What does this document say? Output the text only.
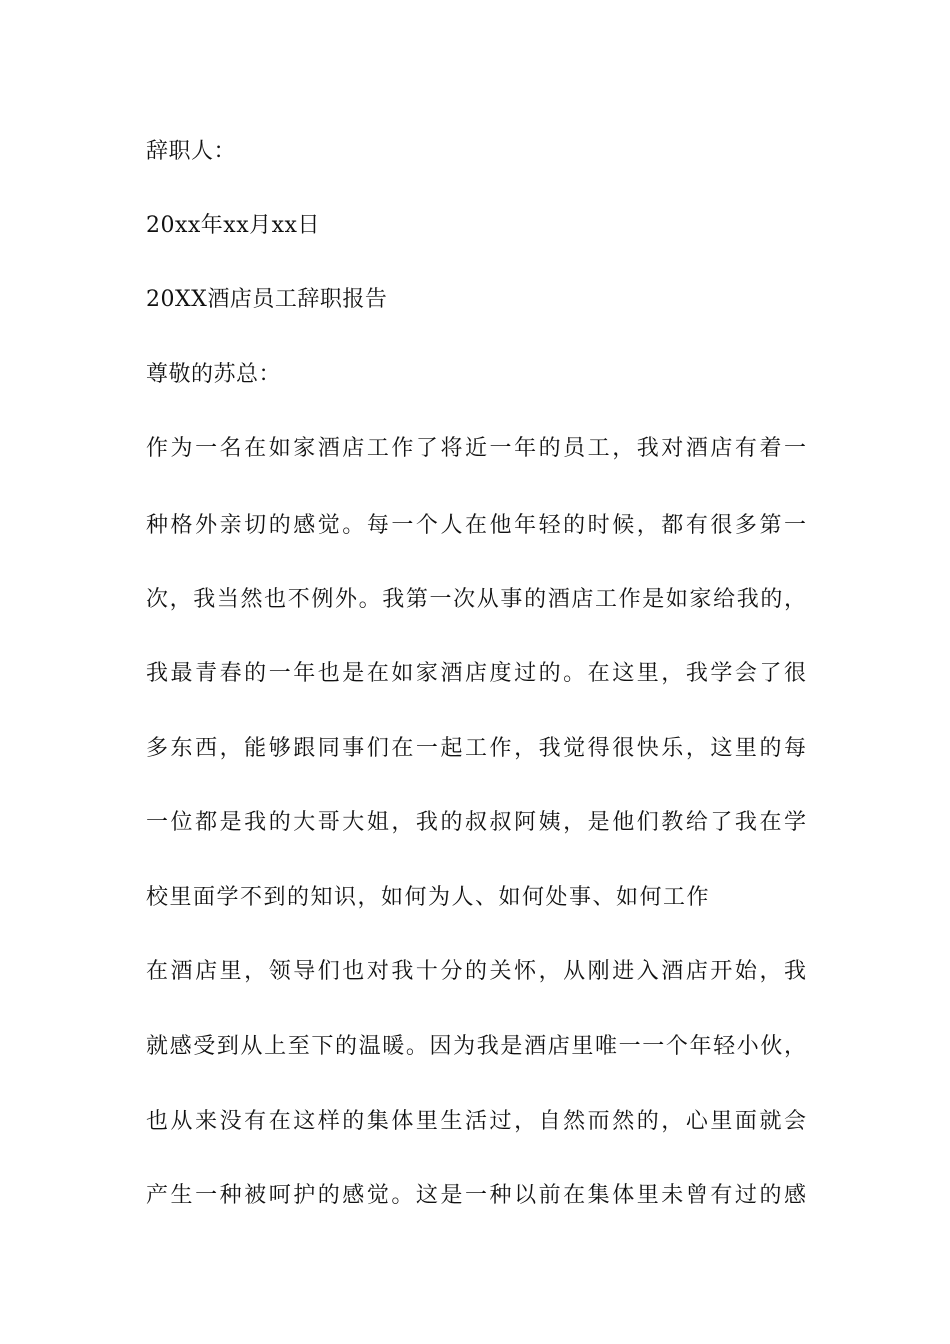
辞职人：
20xx年xx月xx日
20XX酒店员工辞职报告
尊敬的苏总：
作为一名在如家酒店工作了将近一年的员工，我对酒店有着一
种格外亲切的感觉。每一个人在他年轻的时候，都有很多第一
次，我当然也不例外。我第一次从事的酒店工作是如家给我的，
我最青春的一年也是在如家酒店度过的。在这里，我学会了很
多东西，能够跟同事们在一起工作，我觉得很快乐，这里的每
一位都是我的大哥大姐，我的叔叔阿姨，是他们教给了我在学
校里面学不到的知识，如何为人、如何处事、如何工作
在酒店里，领导们也对我十分的关怀，从刚进入酒店开始，我
就感受到从上至下的温暖。因为我是酒店里唯一一个年轻小伙，
也从来没有在这样的集体里生活过，自然而然的，心里面就会
产生一种被呵护的感觉。这是一种以前在集体里未曾有过的感
